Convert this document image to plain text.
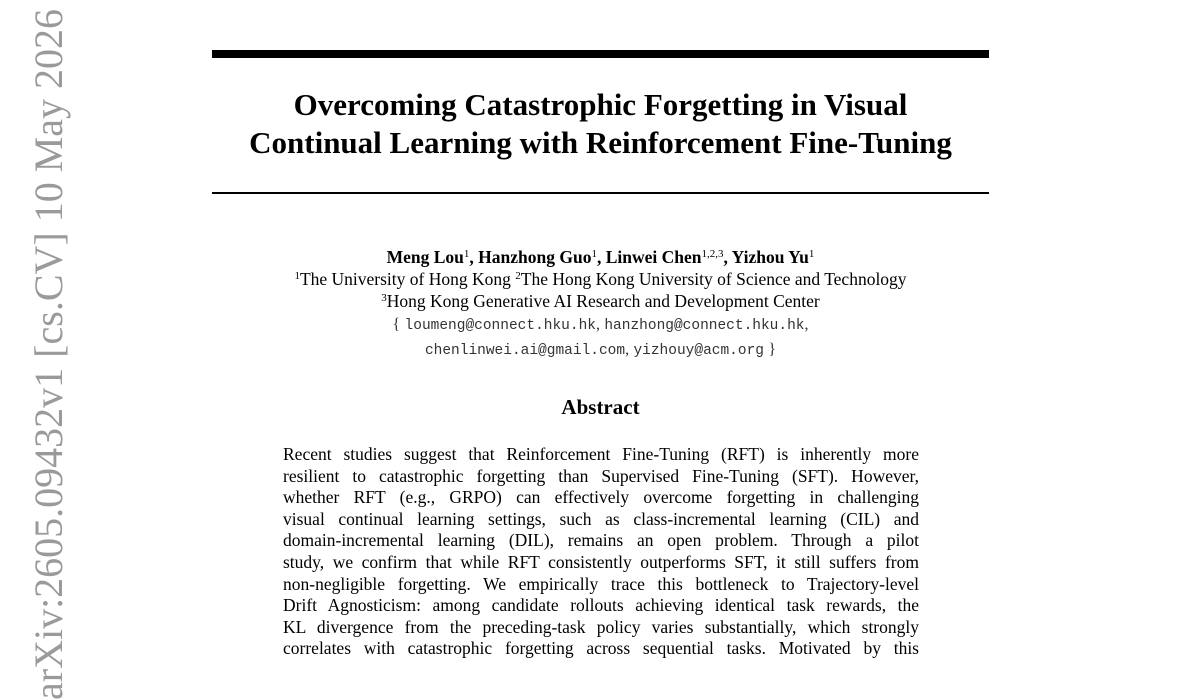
Overcoming Catastrophic Forgetting in Visual
Continual Learning with Reinforcement Fine-Tuning
Meng Lou$^1$, Hanzhong Guo$^1$, Linwei Chen$^{1,2,3}$, Yizhou Yu$^1$
$^1$The University of Hong Kong $^2$The Hong Kong University of Science and Technology
$^3$Hong Kong Generative AI Research and Development Center
{ loumeng@connect.hku.hk, hanzhong@connect.hku.hk,
chenlinwei.ai@gmail.com, yizhouy@acm.org }
Abstract
Recent studies suggest that Reinforcement Fine-Tuning (RFT) is inherently more
resilient to catastrophic forgetting than Supervised Fine-Tuning (SFT). However,
whether RFT (e.g., GRPO) can effectively overcome forgetting in challenging
visual continual learning settings, such as class-incremental learning (CIL) and
domain-incremental learning (DIL), remains an open problem. Through a pilot
study, we confirm that while RFT consistently outperforms SFT, it still suffers from
non-negligible forgetting. We empirically trace this bottleneck to Trajectory-level
Drift Agnosticism: among candidate rollouts achieving identical task rewards, the
KL divergence from the preceding-task policy varies substantially, which strongly
correlates with catastrophic forgetting across sequential tasks. Motivated by this
arXiv:2605.09432v1 [cs.CV] 10 May 2026
